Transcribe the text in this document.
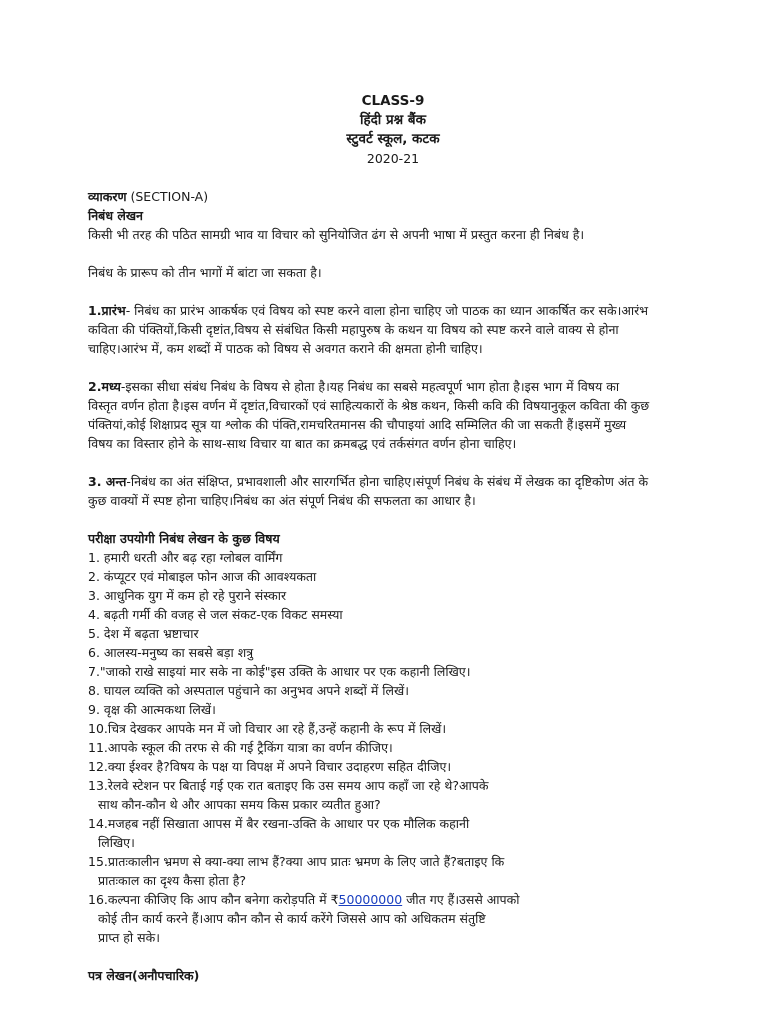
CLASS-9
हिंदी प्रश्न बैंक
स्टुवर्ट स्कूल, कटक
2020-21

व्याकरण (SECTION-A)

निबंध लेखन

किसी भी तरह की पठित सामग्री भाव या विचार को सुनियोजित ढंग से अपनी भाषा में प्रस्तुत करना ही निबंध है।

निबंध के प्रारूप को तीन भागों में बांटा जा सकता है।

1.प्रारंभ- निबंध का प्रारंभ आकर्षक एवं विषय को स्पष्ट करने वाला होना चाहिए जो पाठक का ध्यान आकर्षित कर सके।आरंभ

कविता की पंक्तियों,किसी दृष्टांत,विषय से संबंधित किसी महापुरुष के कथन या विषय को स्पष्ट करने वाले वाक्य से होना

चाहिए।आरंभ में, कम शब्दों में पाठक को विषय से अवगत कराने की क्षमता होनी चाहिए।

2.मध्य-इसका सीधा संबंध निबंध के विषय से होता है।यह निबंध का सबसे महत्वपूर्ण भाग होता है।इस भाग में विषय का

विस्तृत वर्णन होता है।इस वर्णन में दृष्टांत,विचारकों एवं साहित्यकारों के श्रेष्ठ कथन, किसी कवि की विषयानुकूल कविता की कुछ

पंक्तियां,कोई शिक्षाप्रद सूत्र या श्लोक की पंक्ति,रामचरितमानस की चौपाइयां आदि सम्मिलित की जा सकती हैं।इसमें मुख्य

विषय का विस्तार होने के साथ-साथ विचार या बात का क्रमबद्ध एवं तर्कसंगत वर्णन होना चाहिए।

3. अन्त-निबंध का अंत संक्षिप्त, प्रभावशाली और सारगर्भित होना चाहिए।संपूर्ण निबंध के संबंध में लेखक का दृष्टिकोण अंत के

कुछ वाक्यों में स्पष्ट होना चाहिए।निबंध का अंत संपूर्ण निबंध की सफलता का आधार है।

परीक्षा उपयोगी निबंध लेखन के कुछ विषय

1. हमारी धरती और बढ़ रहा ग्लोबल वार्मिंग

2. कंप्यूटर एवं मोबाइल फोन आज की आवश्यकता

3. आधुनिक युग में कम हो रहे पुराने संस्कार

4. बढ़ती गर्मी की वजह से जल संकट-एक विकट समस्या

5. देश में बढ़ता भ्रष्टाचार

6. आलस्य-मनुष्य का सबसे बड़ा शत्रु

7."जाको राखे साइयां मार सके ना कोई"इस उक्ति के आधार पर एक कहानी लिखिए।

8. घायल व्यक्ति को अस्पताल पहुंचाने का अनुभव अपने शब्दों में लिखें।

9. वृक्ष की आत्मकथा लिखें।

10.चित्र देखकर आपके मन में जो विचार आ रहे हैं,उन्हें कहानी के रूप में लिखें।

11.आपके स्कूल की तरफ से की गई ट्रैकिंग यात्रा का वर्णन कीजिए।

12.क्या ईश्वर है?विषय के पक्ष या विपक्ष में अपने विचार उदाहरण सहित दीजिए।

13.रेलवे स्टेशन पर बिताई गई एक रात बताइए कि उस समय आप कहाँ जा रहे थे?आपके

साथ कौन-कौन थे और आपका समय किस प्रकार व्यतीत हुआ?

14.मजहब नहीं सिखाता आपस में बैर रखना-उक्ति के आधार पर एक मौलिक कहानी

लिखिए।

15.प्रातःकालीन भ्रमण से क्या-क्या लाभ हैं?क्या आप प्रातः भ्रमण के लिए जाते हैं?बताइए कि

प्रातःकाल का दृश्य कैसा होता है?

16.कल्पना कीजिए कि आप कौन बनेगा करोड़पति में ₹50000000 जीत गए हैं।उससे आपको

कोई तीन कार्य करने हैं।आप कौन कौन से कार्य करेंगे जिससे आप को अधिकतम संतुष्टि

प्राप्त हो सके।

पत्र लेखन(अनौपचारिक)
